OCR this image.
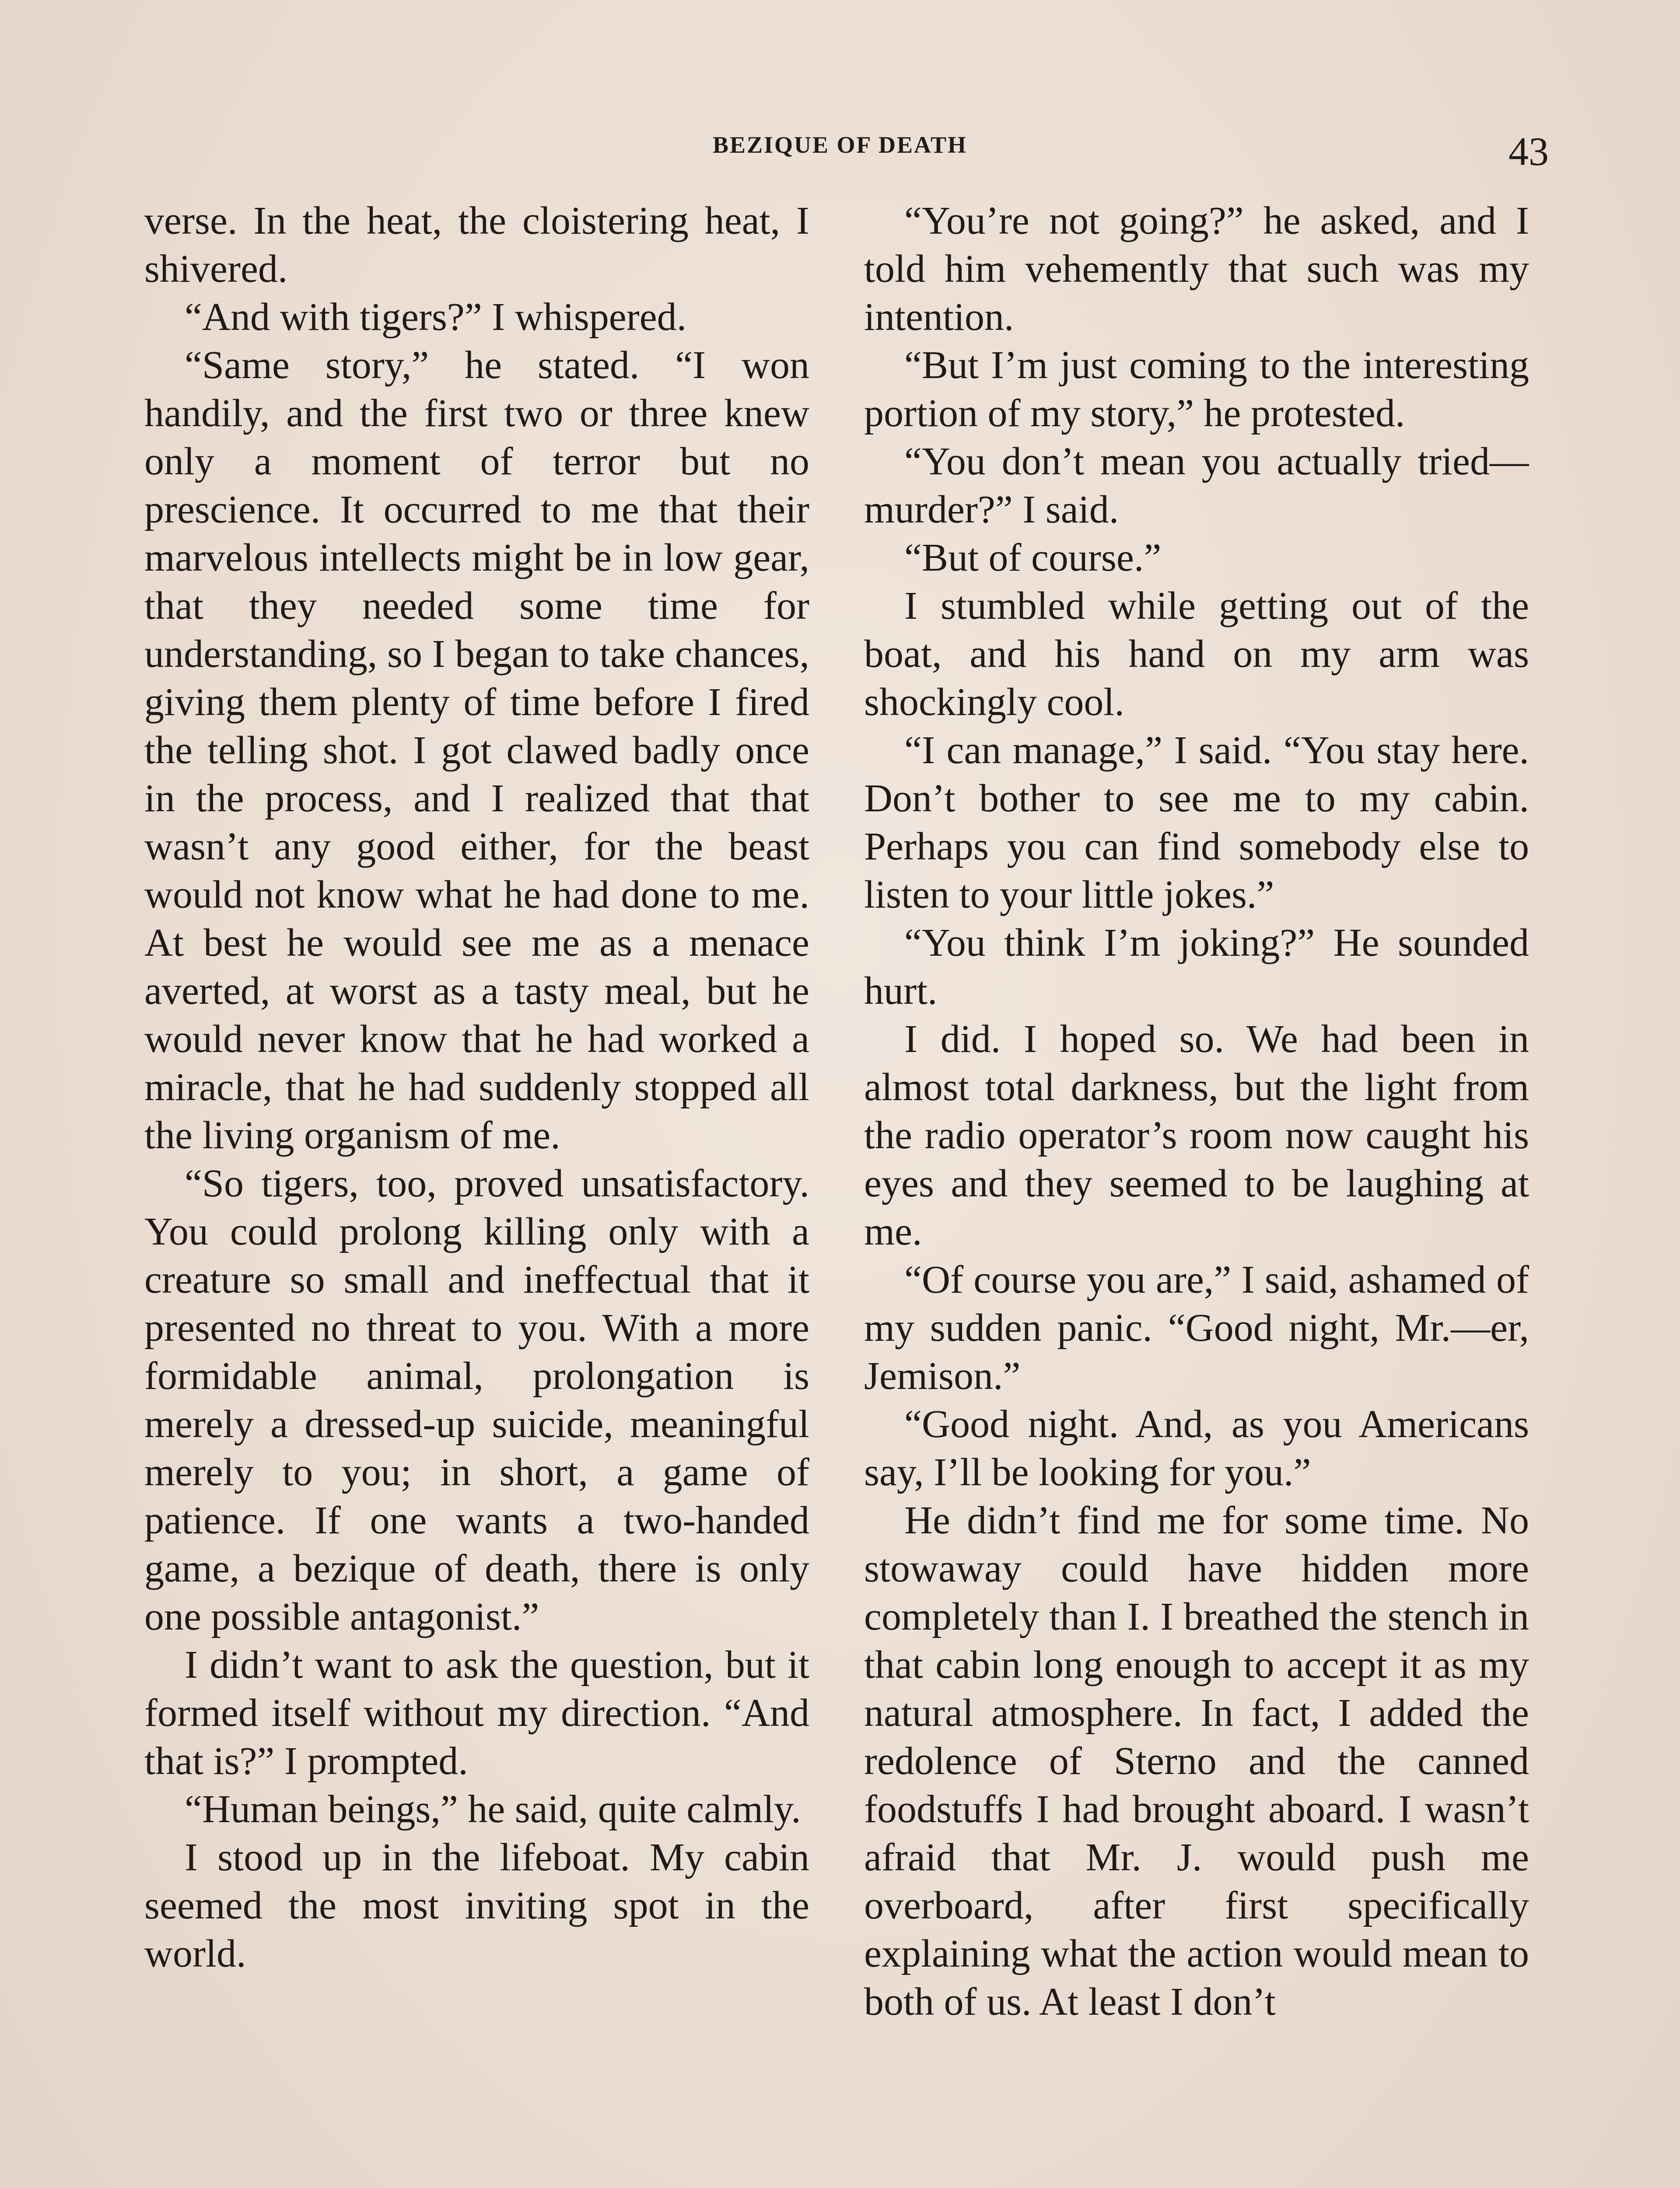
BEZIQUE OF DEATH	43

verse. In the heat, the cloistering heat, I shivered.

“And with tigers?” I whispered.

“Same story,” he stated. “I won handily, and the first two or three knew only a moment of terror but no prescience. It occurred to me that their marvelous intellects might be in low gear, that they needed some time for understanding, so I began to take chances, giving them plenty of time before I fired the telling shot. I got clawed badly once in the process, and I realized that that wasn’t any good either, for the beast would not know what he had done to me. At best he would see me as a menace averted, at worst as a tasty meal, but he would never know that he had worked a miracle, that he had suddenly stopped all the living organism of me.

“So tigers, too, proved unsatisfactory. You could prolong killing only with a creature so small and ineffectual that it presented no threat to you. With a more formidable animal, prolongation is merely a dressed-up suicide, meaningful merely to you; in short, a game of patience. If one wants a two-handed game, a bezique of death, there is only one possible antagonist.”

I didn’t want to ask the question, but it formed itself without my direction. “And that is?” I prompted.

“Human beings,” he said, quite calmly.

I stood up in the lifeboat. My cabin seemed the most inviting spot in the world.

“You’re not going?” he asked, and I told him vehemently that such was my intention.

“But I’m just coming to the interesting portion of my story,” he protested.

“You don’t mean you actually tried—murder?” I said.

“But of course.”

I stumbled while getting out of the boat, and his hand on my arm was shockingly cool.

“I can manage,” I said. “You stay here. Don’t bother to see me to my cabin. Perhaps you can find somebody else to listen to your little jokes.”

“You think I’m joking?” He sounded hurt.

I did. I hoped so. We had been in almost total darkness, but the light from the radio operator’s room now caught his eyes and they seemed to be laughing at me.

“Of course you are,” I said, ashamed of my sudden panic. “Good night, Mr.—er, Jemison.”

“Good night. And, as you Americans say, I’ll be looking for you.”

He didn’t find me for some time. No stowaway could have hidden more completely than I. I breathed the stench in that cabin long enough to accept it as my natural atmosphere. In fact, I added the redolence of Sterno and the canned foodstuffs I had brought aboard. I wasn’t afraid that Mr. J. would push me overboard, after first specifically explaining what the action would mean to both of us. At least I don’t
